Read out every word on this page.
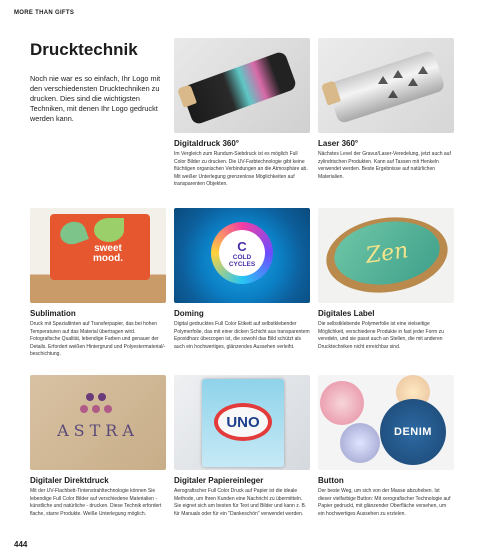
MORE THAN GIFTS
Drucktechnik

Noch nie war es so einfach, Ihr Logo mit den verschiedensten Drucktechniken zu drucken. Dies sind die wichtigsten Techniken, mit denen Ihr Logo gedruckt werden kann.

Digitaldruck 360°

Im Vergleich zum Rundum-Siebdruck ist es möglich Full Color Bilder zu drucken. Die UV-Farbtechnologie gibt keine flüchtigen organischen Verbindungen an die Atmosphäre ab. Mit weißer Unterlegung grenzenlose Möglichkeiten auf transparenten Objekten.

Laser 360°

Nächstes Level der Gravur/Laser-Veredelung, jetzt auch auf zylindrischen Produkten. Kann auf Tassen mit Henkeln verwendet werden. Beste Ergebnisse auf natürlichen Materialien.

sweet
mood.
Sublimation

Druck mit Spezialtinten auf Transferpapier, das bei hohen Temperaturen auf das Material übertragen wird. Fotografische Qualität, lebendige Farben und genauer der Details. Erfordert weißen Hintergrund und Polyestermaterial/-beschichtung.

C
COLD
CYCLES
Doming

Digital gedrucktes Full Color Etikett auf selbstklebender Polymerfolie, das mit einer dicken Schicht aus transparentem Epoxidharz überzogen ist, die sowohl das Bild schützt als auch ein hochwertiges, glänzendes Aussehen verleiht.

Zen
Digitales Label

Die selbstklebende Polymerfolie ist eine vielseitige Möglichkeit, verschiedene Produkte in fast jeder Form zu veredeln, und sie passt auch an Stellen, die mit anderen Drucktechniken nicht erreichbar sind.

ASTRA
Digitaler Direktdruck

Mit der UV-Flachbett-Tintenstrahltechnologie können Sie lebendige Full Color Bilder auf verschiedene Materialien - künstliche und natürliche - drucken. Diese Technik erfordert flache, starre Produkte. Weiße Unterlegung möglich.

UNO
Digitaler Papiereinleger

Aerografischer Full Color Druck auf Papier ist die ideale Methode, um Ihren Kunden eine Nachricht zu übermitteln. Sie eignet sich am besten für Text und Bilder und kann z. B. für Manuals oder für ein "Dankeschön" verwendet werden.

DENIM
Button

Der beste Weg, um sich von der Masse abzuheben. Ist dieser vielfarbige Button: Mit xerografischer Technologie auf Papier gedruckt, mit glänzender Oberfläche versehen, um ein hochwertiges Aussehen zu erzielen.

444
